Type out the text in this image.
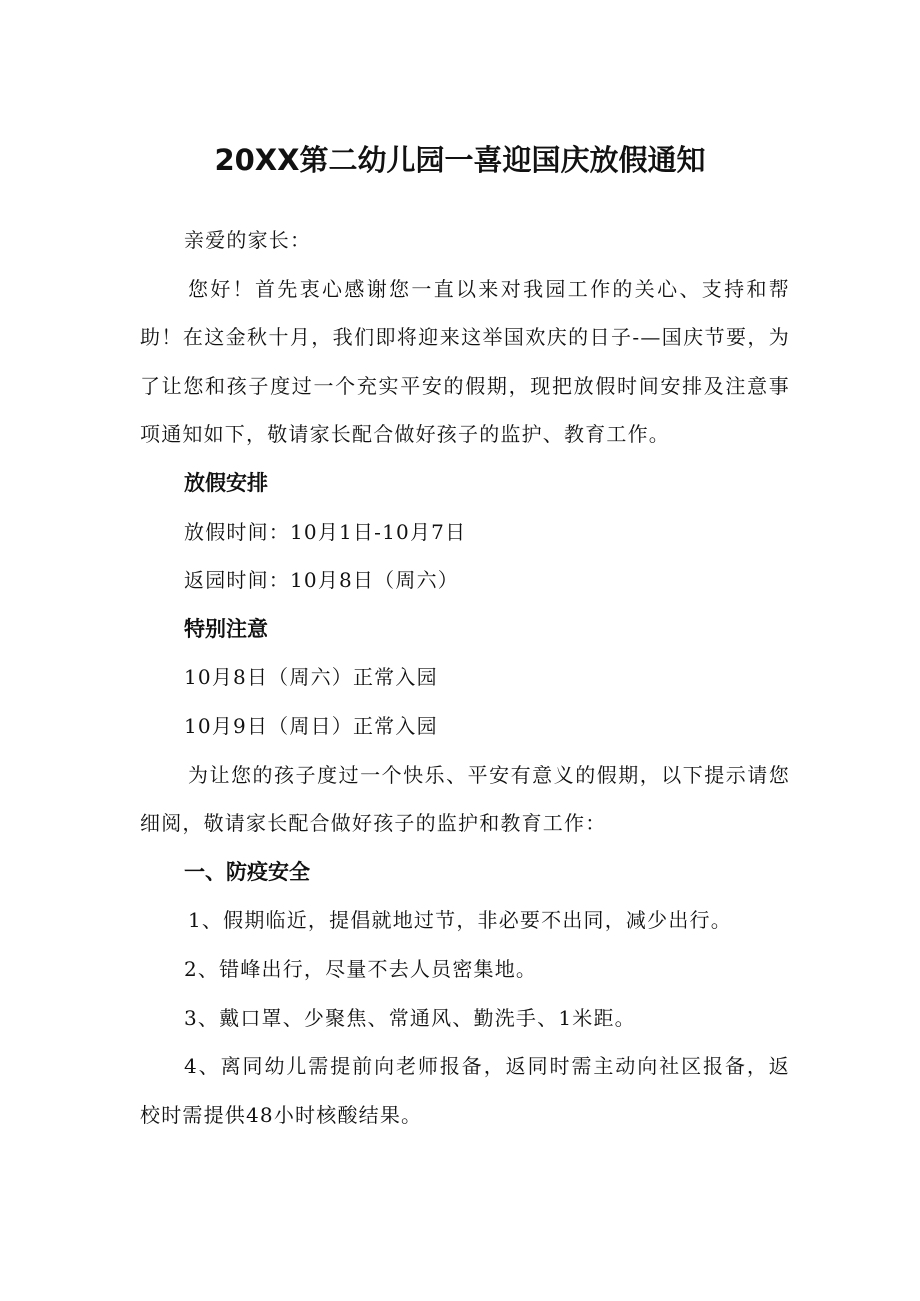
20XX第二幼儿园一喜迎国庆放假通知

亲爱的家长：

您好！首先衷心感谢您一直以来对我园工作的关心、支持和帮助！在这金秋十月，我们即将迎来这举国欢庆的日子-—国庆节要，为了让您和孩子度过一个充实平安的假期，现把放假时间安排及注意事项通知如下，敬请家长配合做好孩子的监护、教育工作。

放假安排

放假时间：10月1日-10月7日

返园时间：10月8日（周六）

特别注意

10月8日（周六）正常入园

10月9日（周日）正常入园

为让您的孩子度过一个快乐、平安有意义的假期，以下提示请您细阅，敬请家长配合做好孩子的监护和教育工作：

一、防疫安全

1、假期临近，提倡就地过节，非必要不出同，减少出行。

2、错峰出行，尽量不去人员密集地。

3、戴口罩、少聚焦、常通风、勤洗手、1米距。

4、离同幼儿需提前向老师报备，返同时需主动向社区报备，返校时需提供48小时核酸结果。
